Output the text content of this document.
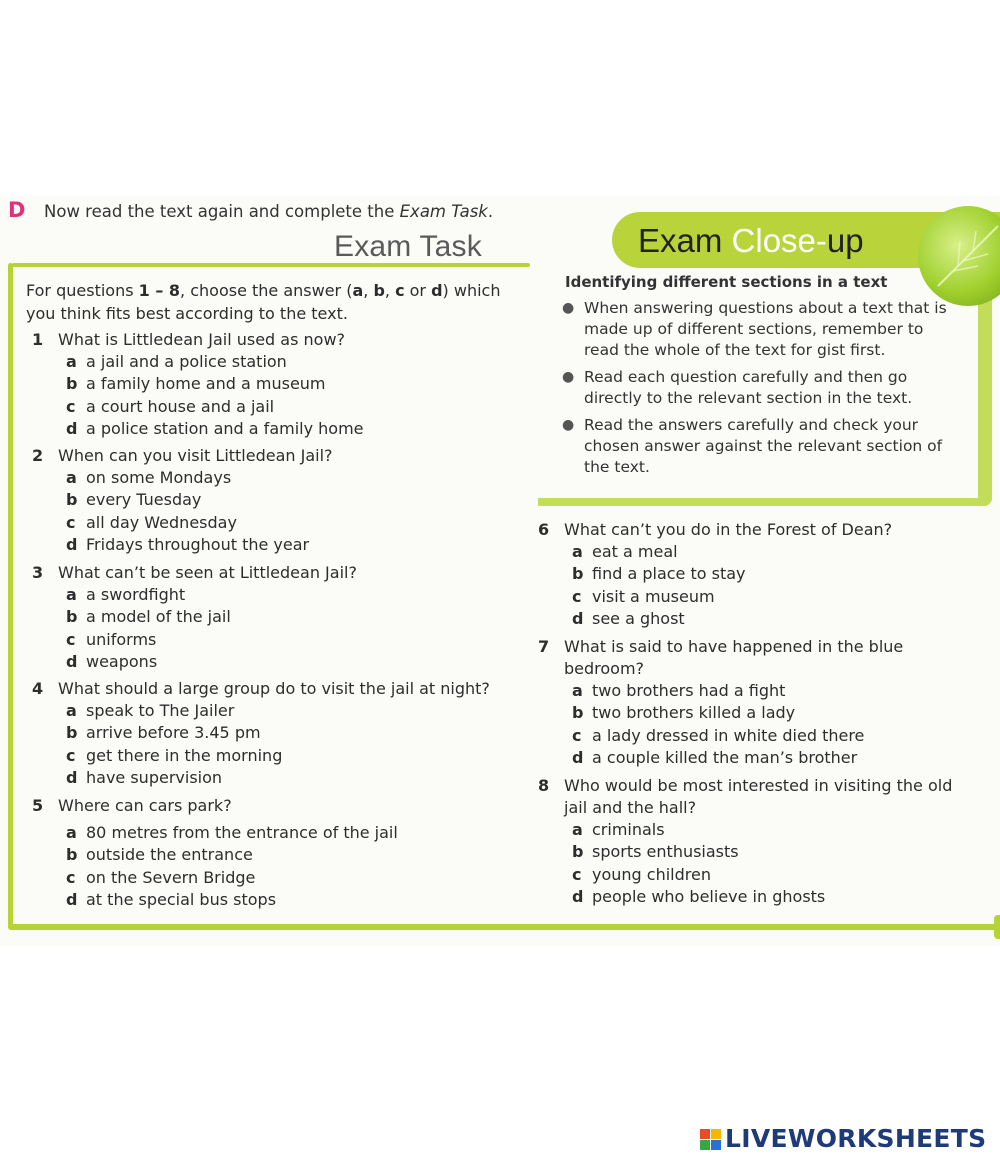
D Now read the text again and complete the Exam Task.
Exam Task	Exam Close-up
Identifying different sections in a text
● When answering questions about a text that is made up of different sections, remember to read the whole of the text for gist first.
● Read each question carefully and then go directly to the relevant section in the text.
● Read the answers carefully and check your chosen answer against the relevant section of the text.
For questions 1 – 8, choose the answer (a, b, c or d) which you think fits best according to the text.
1 What is Littledean Jail used as now?
a a jail and a police station
b a family home and a museum
c a court house and a jail
d a police station and a family home
2 When can you visit Littledean Jail?
a on some Mondays
b every Tuesday
c all day Wednesday
d Fridays throughout the year
3 What can’t be seen at Littledean Jail?
a a swordfight
b a model of the jail
c uniforms
d weapons
4 What should a large group do to visit the jail at night?
a speak to The Jailer
b arrive before 3.45 pm
c get there in the morning
d have supervision
5 Where can cars park?
a 80 metres from the entrance of the jail
b outside the entrance
c on the Severn Bridge
d at the special bus stops
6 What can’t you do in the Forest of Dean?
a eat a meal
b find a place to stay
c visit a museum
d see a ghost
7 What is said to have happened in the blue bedroom?
a two brothers had a fight
b two brothers killed a lady
c a lady dressed in white died there
d a couple killed the man’s brother
8 Who would be most interested in visiting the old jail and the hall?
a criminals
b sports enthusiasts
c young children
d people who believe in ghosts
LIVEWORKSHEETS
